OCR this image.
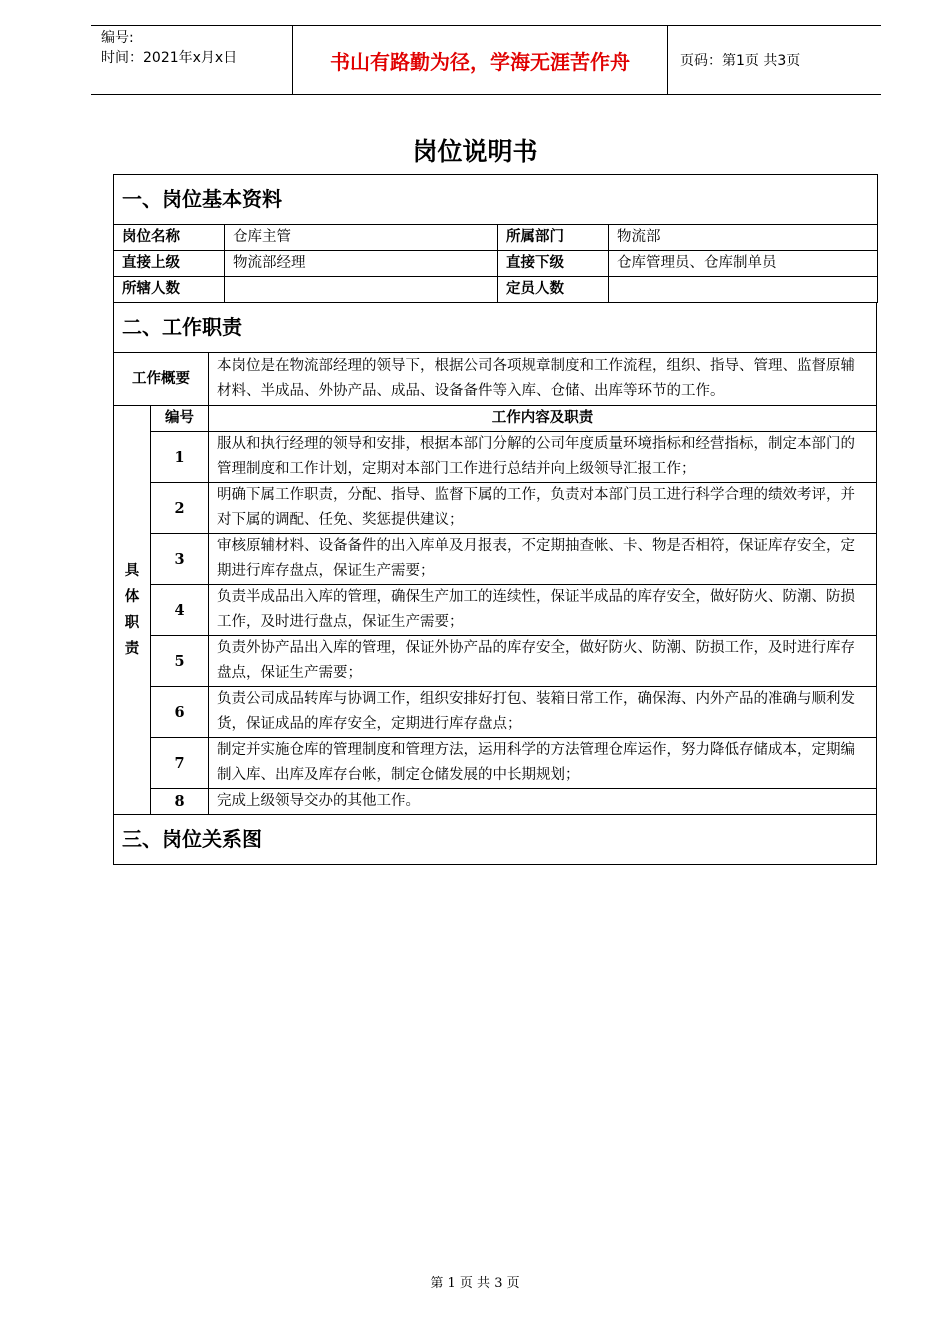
编号:
时间：2021年x月x日	书山有路勤为径，学海无涯苦作舟	页码：第1页 共3页
岗位说明书
一、岗位基本资料			
岗位名称	仓库主管	所属部门	物流部
直接上级	物流部经理	直接下级	仓库管理员、仓库制单员
所辖人数		定员人数	
二、工作职责		
工作概要		本岗位是在物流部经理的领导下，根据公司各项规章制度和工作流程，组织、指导、管理、监督原辅材料、半成品、外协产品、成品、设备备件等入库、仓储、出库等环节的工作。

具
体
职
责	编号	工作内容及职责
	1	服从和执行经理的领导和安排，根据本部门分解的公司年度质量环境指标和经营指标，制定本部门的管理制度和工作计划，定期对本部门工作进行总结并向上级领导汇报工作；
	2	明确下属工作职责，分配、指导、监督下属的工作，负责对本部门员工进行科学合理的绩效考评，并对下属的调配、任免、奖惩提供建议；
	3	审核原辅材料、设备备件的出入库单及月报表，不定期抽查帐、卡、物是否相符，保证库存安全，定期进行库存盘点，保证生产需要；
	4	负责半成品出入库的管理，确保生产加工的连续性，保证半成品的库存安全，做好防火、防潮、防损工作，及时进行盘点，保证生产需要；
	5	负责外协产品出入库的管理，保证外协产品的库存安全，做好防火、防潮、防损工作，及时进行库存盘点，保证生产需要；
	6	负责公司成品转库与协调工作，组织安排好打包、装箱日常工作，确保海、内外产品的准确与顺利发货，保证成品的库存安全，定期进行库存盘点；
	7	制定并实施仓库的管理制度和管理方法，运用科学的方法管理仓库运作，努力降低存储成本，定期编制入库、出库及库存台帐，制定仓储发展的中长期规划；
	8	完成上级领导交办的其他工作。
三、岗位关系图		
第 1 页 共 3 页
